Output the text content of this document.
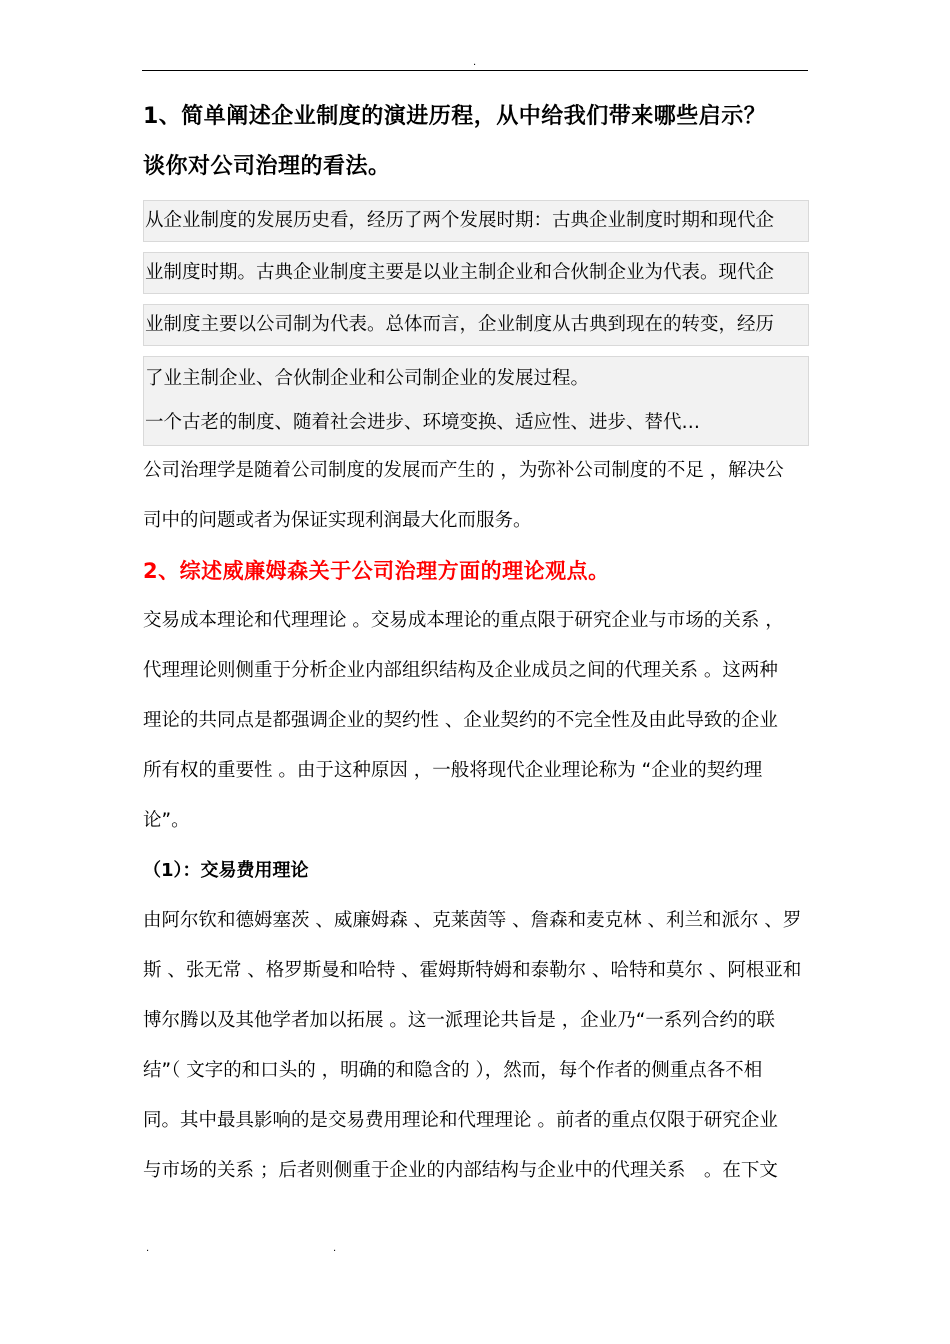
.
1、简单阐述企业制度的演进历程，从中给我们带来哪些启示？
谈你对公司治理的看法。
从企业制度的发展历史看，经历了两个发展时期：古典企业制度时期和现代企
业制度时期。古典企业制度主要是以业主制企业和合伙制企业为代表。现代企
业制度主要以公司制为代表。总体而言，企业制度从古典到现在的转变，经历
了业主制企业、合伙制企业和公司制企业的发展过程。
一个古老的制度、随着社会进步、环境变换、适应性、进步、替代…

公司治理学是随着公司制度的发展而产生的 ，为弥补公司制度的不足 ，解决公
司中的问题或者为保证实现利润最大化而服务。

2、综述威廉姆森关于公司治理方面的理论观点。

交易成本理论和代理理论 。交易成本理论的重点限于研究企业与市场的关系 ，
代理理论则侧重于分析企业内部组织结构及企业成员之间的代理关系 。这两种
理论的共同点是都强调企业的契约性 、企业契约的不完全性及由此导致的企业
所有权的重要性 。由于这种原因 ，一般将现代企业理论称为 “企业的契约理
论”。

（1）：交易费用理论

由阿尔钦和德姆塞茨 、威廉姆森 、克莱茵等 、詹森和麦克林 、利兰和派尔 、罗
斯 、张无常 、格罗斯曼和哈特 、霍姆斯特姆和泰勒尔 、哈特和莫尔 、阿根亚和
博尔腾以及其他学者加以拓展 。这一派理论共旨是 ，企业乃“一系列合约的联
结”（ 文字的和口头的 ，明确的和隐含的 ），然而，每个作者的侧重点各不相
同。其中最具影响的是交易费用理论和代理理论 。前者的重点仅限于研究企业
与市场的关系 ；后者则侧重于企业的内部结构与企业中的代理关系　。在下文

.	.
